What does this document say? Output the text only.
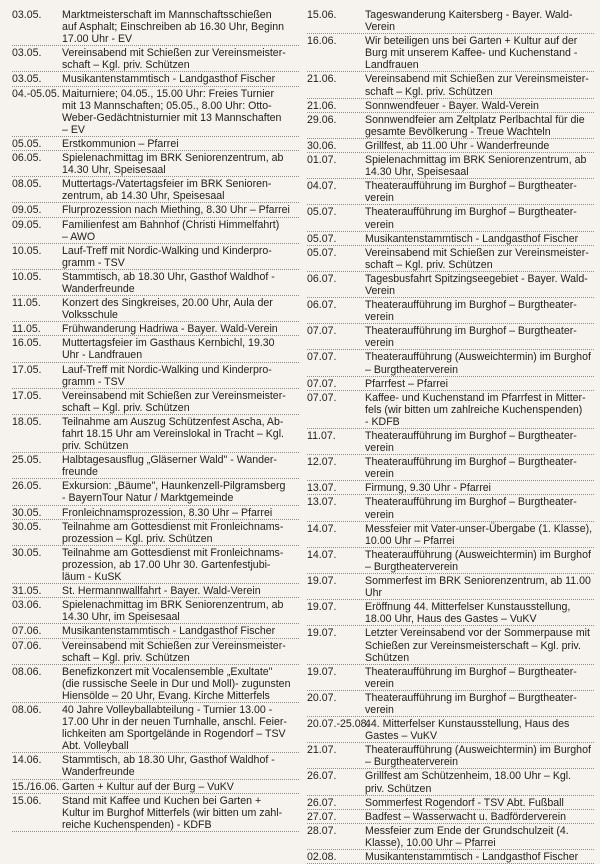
03.05.	Marktmeisterschaft im Mannschaftsschießen
auf Asphalt; Einschreiben ab 16.30 Uhr, Beginn
17.00 Uhr - EV
03.05.	Vereinsabend mit Schießen zur Vereinsmeister-
schaft – Kgl. priv. Schützen
03.05.	Musikantenstammtisch - Landgasthof Fischer
04.-05.05. Maiturniere; 04.05., 15.00 Uhr: Freies Turnier
mit 13 Mannschaften; 05.05., 8.00 Uhr: Otto-
Weber-Gedächtnisturnier mit 13 Mannschaften
– EV
05.05.	Erstkommunion – Pfarrei
06.05.	Spielenachmittag im BRK Seniorenzentrum, ab
14.30 Uhr, Speisesaal
08.05.	Muttertags-/Vatertagsfeier im BRK Senioren-
zentrum, ab 14.30 Uhr, Speisesaal
09.05.	Flurprozession nach Miething, 8.30 Uhr – Pfarrei
09.05.	Familienfest am Bahnhof (Christi Himmelfahrt)
– AWO
10.05.	Lauf-Treff mit Nordic-Walking und Kinderpro-
gramm - TSV
10.05.	Stammtisch, ab 18.30 Uhr, Gasthof Waldhof -
Wanderfreunde
11.05.	Konzert des Singkreises, 20.00 Uhr, Aula der
Volksschule
11.05.	Frühwanderung Hadriwa - Bayer. Wald-Verein
16.05.	Muttertagsfeier im Gasthaus Kernbichl, 19.30
Uhr - Landfrauen
17.05.	Lauf-Treff mit Nordic-Walking und Kinderpro-
gramm - TSV
17.05.	Vereinsabend mit Schießen zur Vereinsmeister-
schaft – Kgl. priv. Schützen
18.05.	Teilnahme am Auszug Schützenfest Ascha, Ab-
fahrt 18.15 Uhr am Vereinslokal in Tracht – Kgl.
priv. Schützen
25.05.	Halbtagesausflug „Gläserner Wald" - Wander-
freunde
26.05.	Exkursion: „Bäume", Haunkenzell-Pilgramsberg
- BayernTour Natur / Marktgemeinde
30.05.	Fronleichnamsprozession, 8.30 Uhr – Pfarrei
30.05.	Teilnahme am Gottesdienst mit Fronleichnams-
prozession – Kgl. priv. Schützen
30.05.	Teilnahme am Gottesdienst mit Fronleichnams-
prozession, ab 17.00 Uhr 30. Gartenfestjubi-
läum - KuSK
31.05.	St. Hermannwallfahrt - Bayer. Wald-Verein
03.06.	Spielenachmittag im BRK Seniorenzentrum, ab
14.30 Uhr, im Speisesaal
07.06.	Musikantenstammtisch - Landgasthof Fischer
07.06.	Vereinsabend mit Schießen zur Vereinsmeister-
schaft – Kgl. priv. Schützen
08.06.	Benefizkonzert mit Vocalensemble „Exultate"
(die russische Seele in Dur und Moll)- zugunsten
Hiensölde – 20 Uhr, Evang. Kirche Mitterfels
08.06.	40 Jahre Volleyballabteilung - Turnier 13.00 -
17.00 Uhr in der neuen Turnhalle, anschl. Feier-
lichkeiten am Sportgelände in Rogendorf – TSV
Abt. Volleyball
14.06.	Stammtisch, ab 18.30 Uhr, Gasthof Waldhof -
Wanderfreunde
15./16.06. Garten + Kultur auf der Burg – VuKV
15.06.	Stand mit Kaffee und Kuchen bei Garten +
Kultur im Burghof Mitterfels (wir bitten um zahl-
reiche Kuchenspenden) - KDFB
15.06.	Tageswanderung Kaitersberg - Bayer. Wald-
Verein
16.06.	Wir beteiligen uns bei Garten + Kultur auf der
Burg mit unserem Kaffee- und Kuchenstand -
Landfrauen
21.06.	Vereinsabend mit Schießen zur Vereinsmeister-
schaft – Kgl. priv. Schützen
21.06.	Sonnwendfeuer - Bayer. Wald-Verein
29.06.	Sonnwendfeier am Zeltplatz Perlbachtal für die
gesamte Bevölkerung - Treue Wachteln
30.06.	Grillfest, ab 11.00 Uhr - Wanderfreunde
01.07.	Spielenachmittag im BRK Seniorenzentrum, ab
14.30 Uhr, Speisesaal
04.07.	Theateraufführung im Burghof – Burgtheater-
verein
05.07.	Theateraufführung im Burghof – Burgtheater-
verein
05.07.	Musikantenstammtisch - Landgasthof Fischer
05.07.	Vereinsabend mit Schießen zur Vereinsmeister-
schaft – Kgl. priv. Schützen
06.07.	Tagesbusfahrt Spitzingseegebiet - Bayer. Wald-
Verein
06.07.	Theateraufführung im Burghof – Burgtheater-
verein
07.07.	Theateraufführung im Burghof – Burgtheater-
verein
07.07.	Theateraufführung (Ausweichtermin) im Burghof
– Burgtheaterverein
07.07.	Pfarrfest – Pfarrei
07.07.	Kaffee- und Kuchenstand im Pfarrfest in Mitter-
fels (wir bitten um zahlreiche Kuchenspenden)
- KDFB
11.07.	Theateraufführung im Burghof – Burgtheater-
verein
12.07.	Theateraufführung im Burghof – Burgtheater-
verein
13.07.	Firmung, 9.30 Uhr - Pfarrei
13.07.	Theateraufführung im Burghof – Burgtheater-
verein
14.07.	Messfeier mit Vater-unser-Übergabe (1. Klasse),
10.00 Uhr – Pfarrei
14.07.	Theateraufführung (Ausweichtermin) im Burghof
– Burgtheaterverein
19.07.	Sommerfest im BRK Seniorenzentrum, ab 11.00
Uhr
19.07.	Eröffnung 44. Mitterfelser Kunstausstellung,
18.00 Uhr, Haus des Gastes – VuKV
19.07.	Letzter Vereinsabend vor der Sommerpause mit
Schießen zur Vereinsmeisterschaft – Kgl. priv.
Schützen
19.07.	Theateraufführung im Burghof – Burgtheater-
verein
20.07.	Theateraufführung im Burghof – Burgtheater-
verein
20.07.-25.08.
44. Mitterfelser Kunstausstellung, Haus des
Gastes – VuKV
21.07.	Theateraufführung (Ausweichtermin) im Burghof
– Burgtheaterverein
26.07.	Grillfest am Schützenheim, 18.00 Uhr – Kgl.
priv. Schützen
26.07.	Sommerfest Rogendorf - TSV Abt. Fußball
27.07.	Badfest – Wasserwacht u. Badförderverein
28.07.	Messfeier zum Ende der Grundschulzeit (4.
Klasse), 10.00 Uhr – Pfarrei
02.08.	Musikantenstammtisch - Landgasthof Fischer
